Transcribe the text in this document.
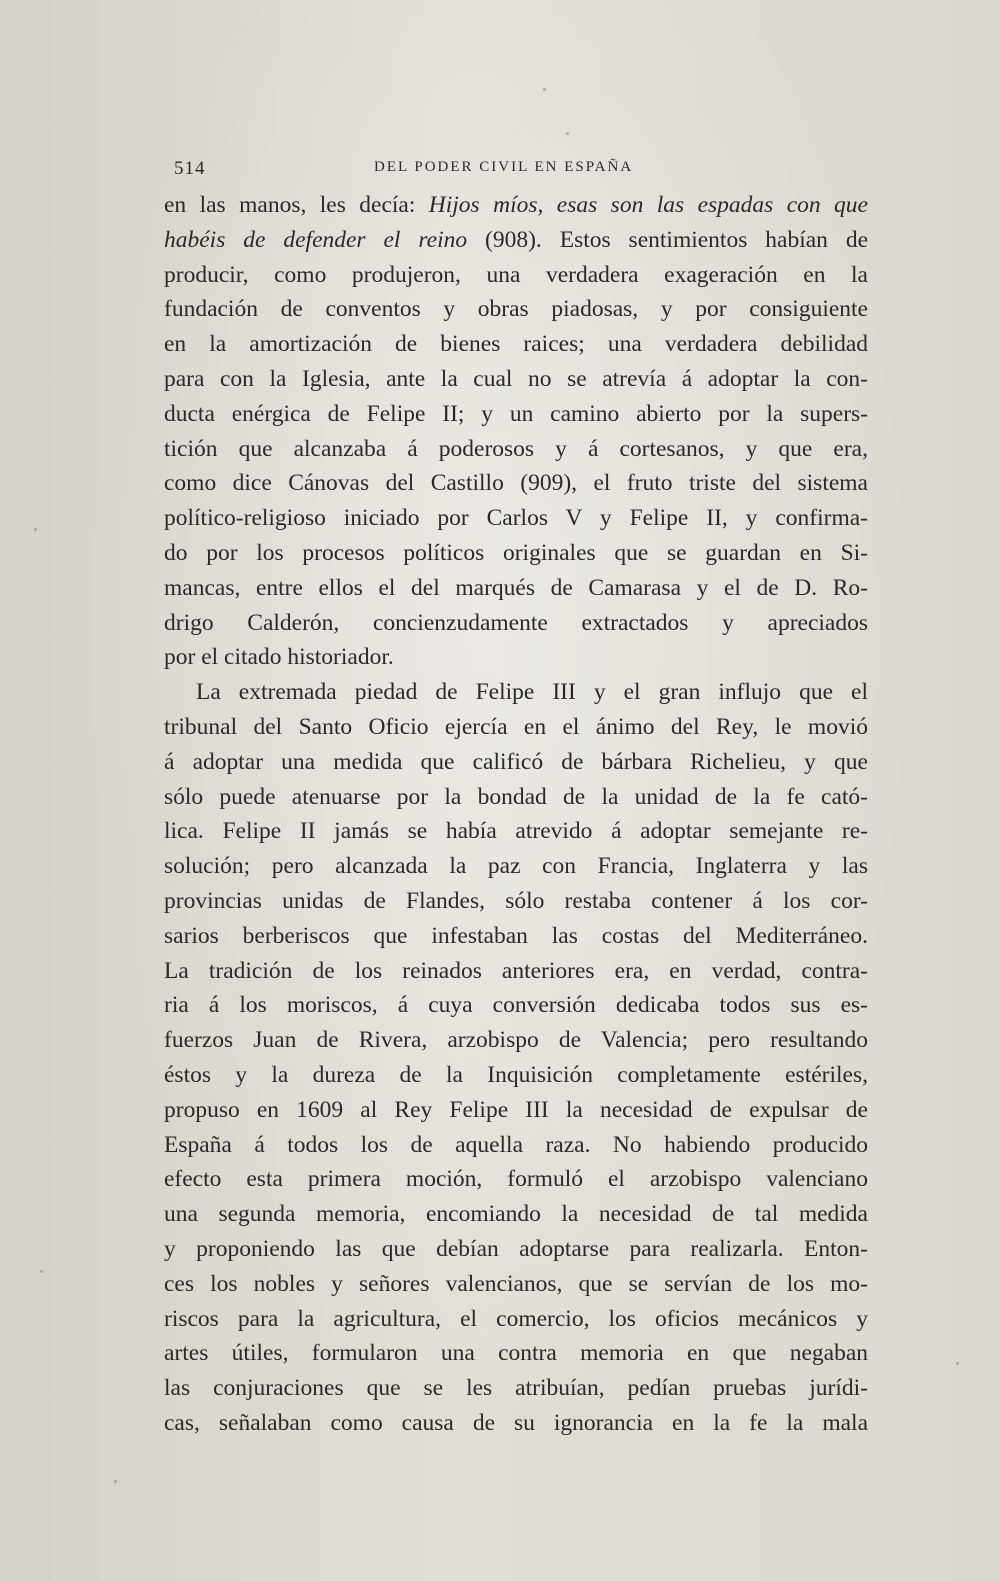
514	DEL PODER CIVIL EN ESPAÑA
en las manos, les decía: Hijos míos, esas son las espadas con que
habéis de defender el reino (908). Estos sentimientos habían de
producir, como produjeron, una verdadera exageración en la
fundación de conventos y obras piadosas, y por consiguiente
en la amortización de bienes raices; una verdadera debilidad
para con la Iglesia, ante la cual no se atrevía á adoptar la con-
ducta enérgica de Felipe II; y un camino abierto por la supers-
tición que alcanzaba á poderosos y á cortesanos, y que era,
como dice Cánovas del Castillo (909), el fruto triste del sistema
político-religioso iniciado por Carlos V y Felipe II, y confirma-
do por los procesos políticos originales que se guardan en Si-
mancas, entre ellos el del marqués de Camarasa y el de D. Ro-
drigo Calderón, concienzudamente extractados y apreciados
por el citado historiador.
La extremada piedad de Felipe III y el gran influjo que el
tribunal del Santo Oficio ejercía en el ánimo del Rey, le movió
á adoptar una medida que calificó de bárbara Richelieu, y que
sólo puede atenuarse por la bondad de la unidad de la fe cató-
lica. Felipe II jamás se había atrevido á adoptar semejante re-
solución; pero alcanzada la paz con Francia, Inglaterra y las
provincias unidas de Flandes, sólo restaba contener á los cor-
sarios berberiscos que infestaban las costas del Mediterráneo.
La tradición de los reinados anteriores era, en verdad, contra-
ria á los moriscos, á cuya conversión dedicaba todos sus es-
fuerzos Juan de Rivera, arzobispo de Valencia; pero resultando
éstos y la dureza de la Inquisición completamente estériles,
propuso en 1609 al Rey Felipe III la necesidad de expulsar de
España á todos los de aquella raza. No habiendo producido
efecto esta primera moción, formuló el arzobispo valenciano
una segunda memoria, encomiando la necesidad de tal medida
y proponiendo las que debían adoptarse para realizarla. Enton-
ces los nobles y señores valencianos, que se servían de los mo-
riscos para la agricultura, el comercio, los oficios mecánicos y
artes útiles, formularon una contra memoria en que negaban
las conjuraciones que se les atribuían, pedían pruebas jurídi-
cas, señalaban como causa de su ignorancia en la fe la mala
